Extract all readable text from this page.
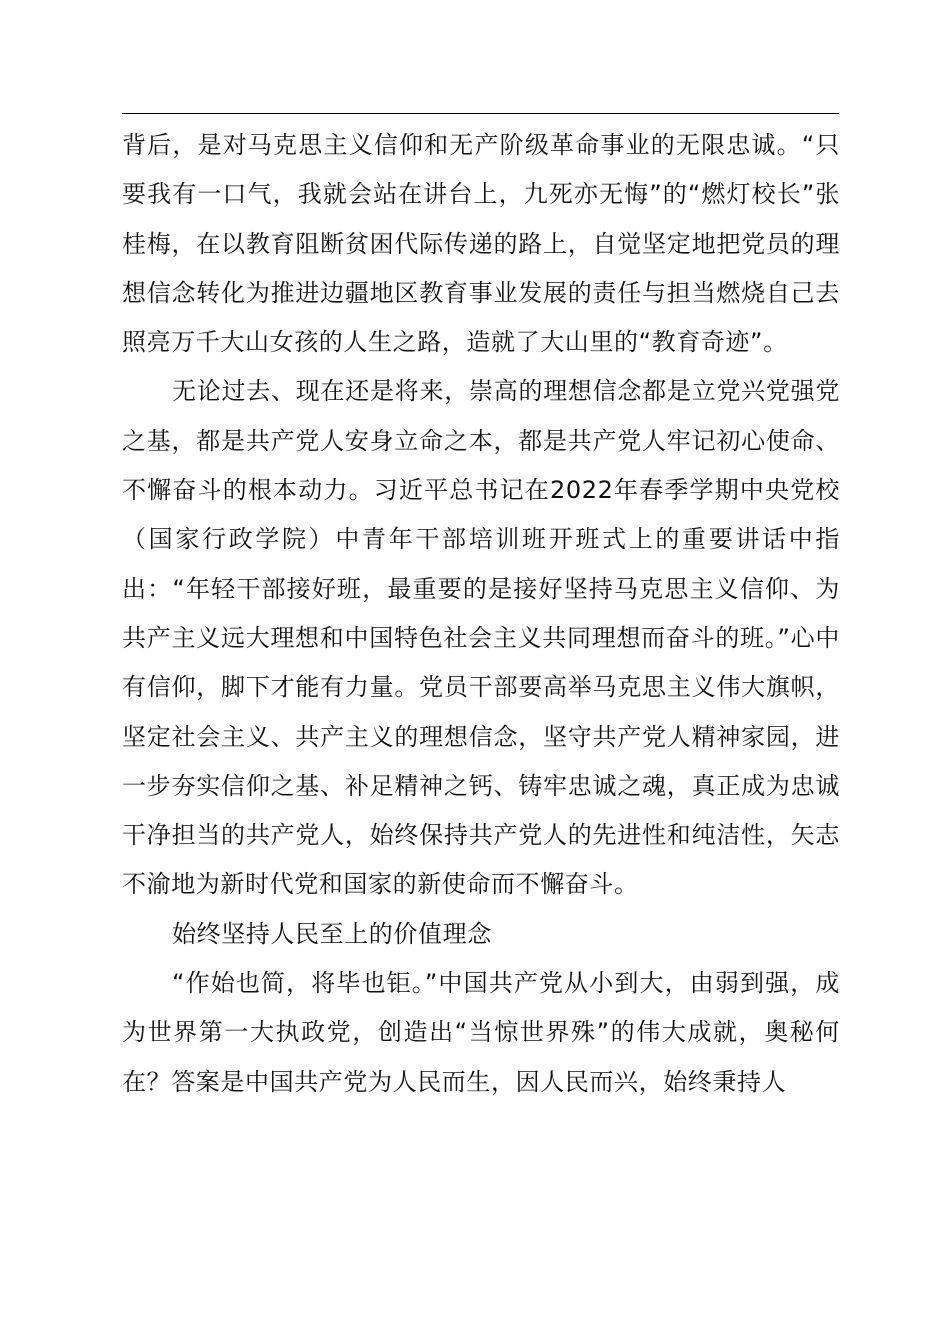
背后，是对马克思主义信仰和无产阶级革命事业的无限忠诚。“只要我有一口气，我就会站在讲台上，九死亦无悔”的“燃灯校长”张桂梅，在以教育阻断贫困代际传递的路上，自觉坚定地把党员的理想信念转化为推进边疆地区教育事业发展的责任与担当燃烧自己去照亮万千大山女孩的人生之路，造就了大山里的“教育奇迹”。

无论过去、现在还是将来，崇高的理想信念都是立党兴党强党之基，都是共产党人安身立命之本，都是共产党人牢记初心使命、不懈奋斗的根本动力。习近平总书记在2022年春季学期中央党校（国家行政学院）中青年干部培训班开班式上的重要讲话中指出：“年轻干部接好班，最重要的是接好坚持马克思主义信仰、为共产主义远大理想和中国特色社会主义共同理想而奋斗的班。”心中有信仰，脚下才能有力量。党员干部要高举马克思主义伟大旗帜，坚定社会主义、共产主义的理想信念，坚守共产党人精神家园，进一步夯实信仰之基、补足精神之钙、铸牢忠诚之魂，真正成为忠诚干净担当的共产党人，始终保持共产党人的先进性和纯洁性，矢志不渝地为新时代党和国家的新使命而不懈奋斗。

始终坚持人民至上的价值理念

“作始也简，将毕也钜。”中国共产党从小到大，由弱到强，成为世界第一大执政党，创造出“当惊世界殊”的伟大成就，奥秘何在？答案是中国共产党为人民而生，因人民而兴，始终秉持人
